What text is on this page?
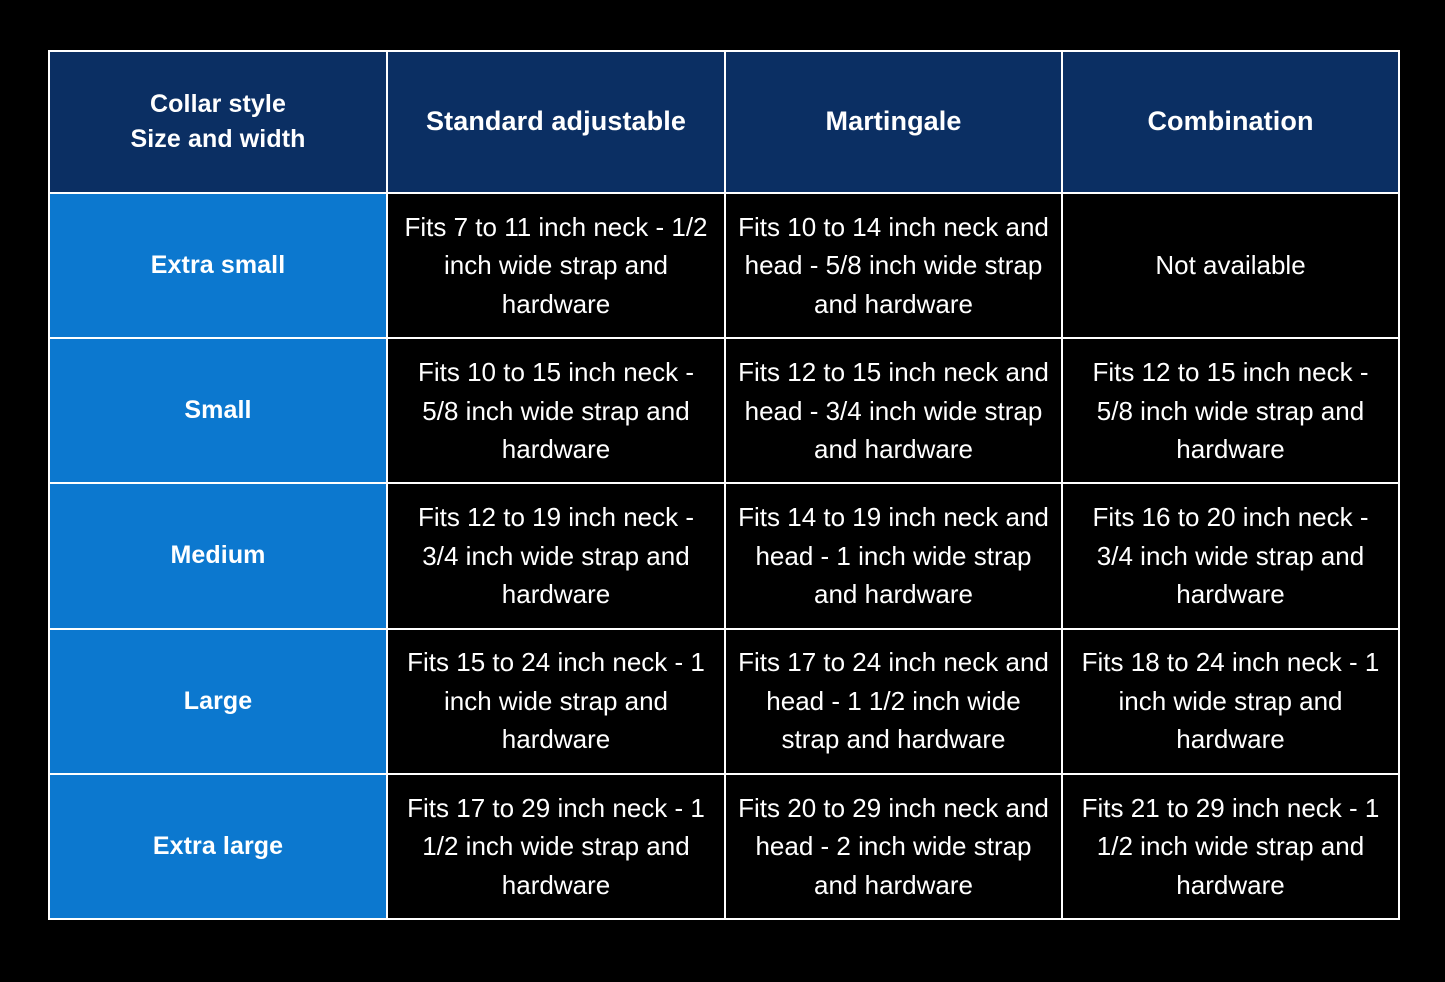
Collar style
Size and width	Standard adjustable	Martingale	Combination
Extra small	Fits 7 to 11 inch neck - 1/2 inch wide strap and hardware	Fits 10 to 14 inch neck and head - 5/8 inch wide strap and hardware	Not available
Small	Fits 10 to 15 inch neck - 5/8 inch wide strap and hardware	Fits 12 to 15 inch neck and head - 3/4 inch wide strap and hardware	Fits 12 to 15 inch neck - 5/8 inch wide strap and hardware
Medium	Fits 12 to 19 inch neck - 3/4 inch wide strap and hardware	Fits 14 to 19 inch neck and head - 1 inch wide strap and hardware	Fits 16 to 20 inch neck - 3/4 inch wide strap and hardware
Large	Fits 15 to 24 inch neck - 1 inch wide strap and hardware	Fits 17 to 24 inch neck and head - 1 1/2 inch wide strap and hardware	Fits 18 to 24 inch neck - 1 inch wide strap and hardware
Extra large	Fits 17 to 29 inch neck - 1 1/2 inch wide strap and hardware	Fits 20 to 29 inch neck and head - 2 inch wide strap and hardware	Fits 21 to 29 inch neck - 1 1/2 inch wide strap and hardware
